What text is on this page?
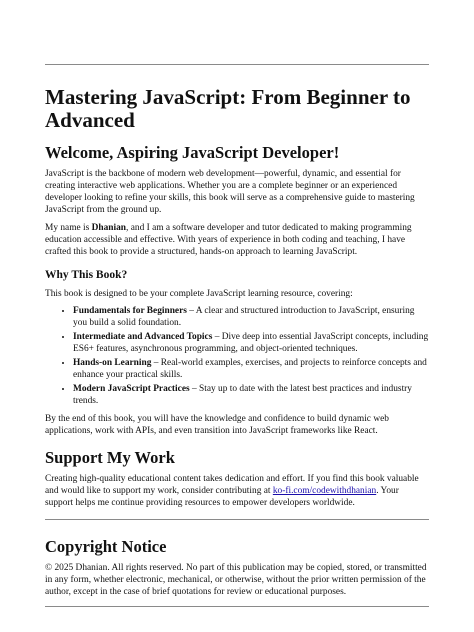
Mastering JavaScript: From Beginner to Advanced
Welcome, Aspiring JavaScript Developer!

JavaScript is the backbone of modern web development—powerful, dynamic, and essential for creating interactive web applications. Whether you are a complete beginner or an experienced developer looking to refine your skills, this book will serve as a comprehensive guide to mastering JavaScript from the ground up.

My name is Dhanian, and I am a software developer and tutor dedicated to making programming education accessible and effective. With years of experience in both coding and teaching, I have crafted this book to provide a structured, hands-on approach to learning JavaScript.

Why This Book?

This book is designed to be your complete JavaScript learning resource, covering:

• Fundamentals for Beginners – A clear and structured introduction to JavaScript, ensuring you build a solid foundation.
• Intermediate and Advanced Topics – Dive deep into essential JavaScript concepts, including ES6+ features, asynchronous programming, and object-oriented techniques.
• Hands-on Learning – Real-world examples, exercises, and projects to reinforce concepts and enhance your practical skills.
• Modern JavaScript Practices – Stay up to date with the latest best practices and industry trends.

By the end of this book, you will have the knowledge and confidence to build dynamic web applications, work with APIs, and even transition into JavaScript frameworks like React.

Support My Work

Creating high-quality educational content takes dedication and effort. If you find this book valuable and would like to support my work, consider contributing at ko-fi.com/codewithdhanian. Your support helps me continue providing resources to empower developers worldwide.

Copyright Notice

© 2025 Dhanian. All rights reserved. No part of this publication may be copied, stored, or transmitted in any form, whether electronic, mechanical, or otherwise, without the prior written permission of the author, except in the case of brief quotations for review or educational purposes.
